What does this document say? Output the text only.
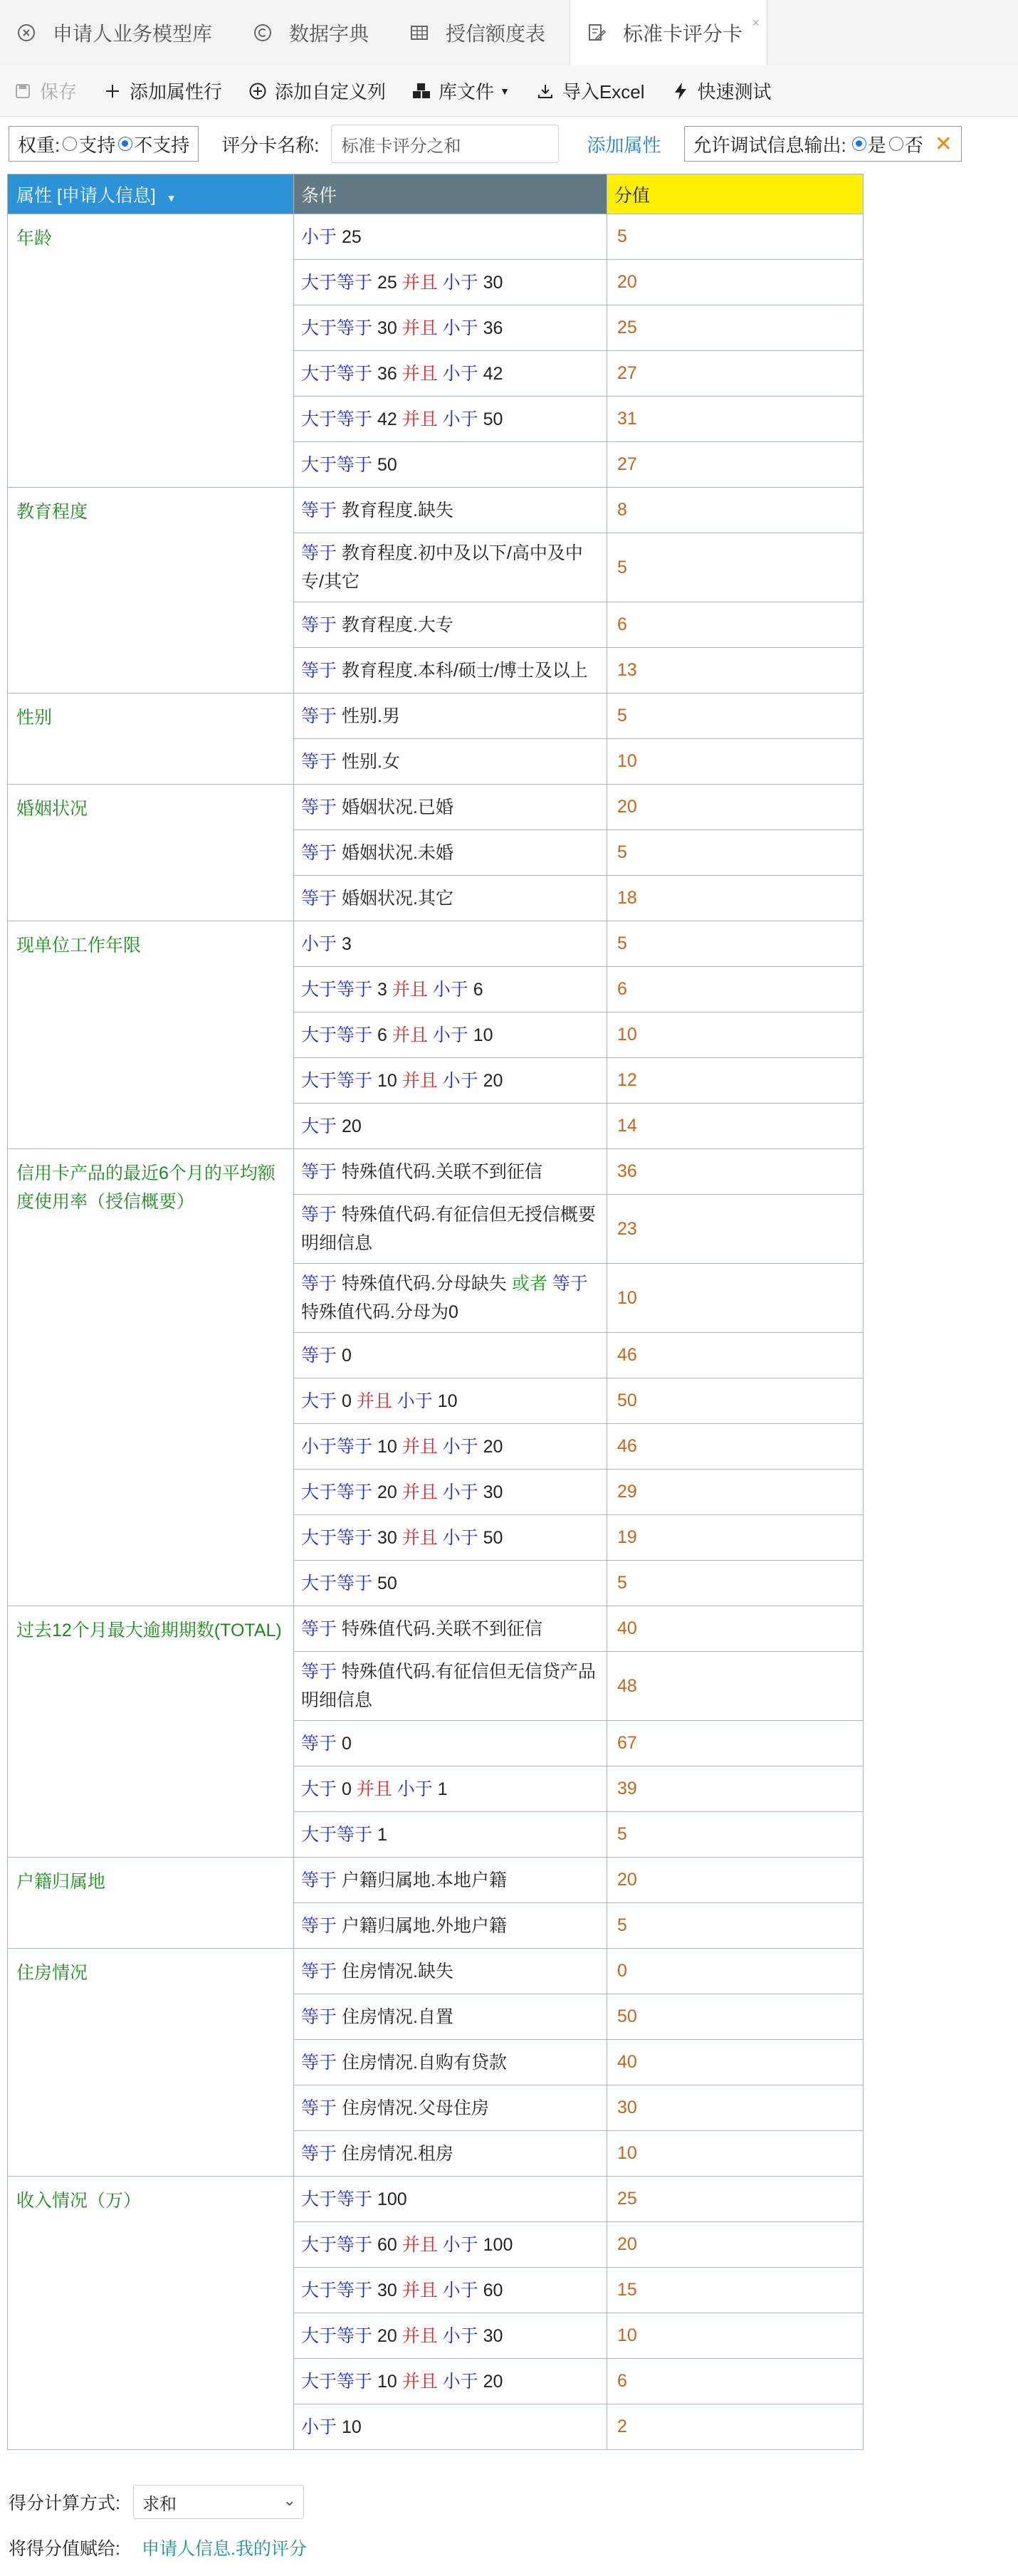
申请人业务模型库	数据字典	授信额度表	标准卡评分卡 ×
保存	添加属性行	添加自定义列	库文件 ▼	导入Excel	快速测试
权重: 支持 不支持 评分卡名称:
标准卡评分之和	添加属性 允许调试信息输出: 是 否 ✕
属性 [申请人信息] ▼	条件	分值
年龄	小于 25	5
	大于等于 25 并且 小于 30	20
	大于等于 30 并且 小于 36	25
	大于等于 36 并且 小于 42	27
	大于等于 42 并且 小于 50	31
	大于等于 50	27
教育程度	等于 教育程度.缺失	8
	等于 教育程度.初中及以下/高中及中专/其它	5
	等于 教育程度.大专	6
	等于 教育程度.本科/硕士/博士及以上	13
性别	等于 性别.男	5
	等于 性别.女	10
婚姻状况	等于 婚姻状况.已婚	20
	等于 婚姻状况.未婚	5
	等于 婚姻状况.其它	18
现单位工作年限	小于 3	5
	大于等于 3 并且 小于 6	6
	大于等于 6 并且 小于 10	10
	大于等于 10 并且 小于 20	12
	大于 20	14
信用卡产品的最近6个月的平均额度使用率（授信概要）	等于 特殊值代码.关联不到征信	36
	等于 特殊值代码.有征信但无授信概要明细信息	23
	等于 特殊值代码.分母缺失 或者 等于 特殊值代码.分母为0	10
	等于 0	46
	大于 0 并且 小于 10	50
	小于等于 10 并且 小于 20	46
	大于等于 20 并且 小于 30	29
	大于等于 30 并且 小于 50	19
	大于等于 50	5
过去12个月最大逾期期数(TOTAL)	等于 特殊值代码.关联不到征信	40
	等于 特殊值代码.有征信但无信贷产品明细信息	48
	等于 0	67
	大于 0 并且 小于 1	39
	大于等于 1	5
户籍归属地	等于 户籍归属地.本地户籍	20
	等于 户籍归属地.外地户籍	5
住房情况	等于 住房情况.缺失	0
	等于 住房情况.自置	50
	等于 住房情况.自购有贷款	40
	等于 住房情况.父母住房	30
	等于 住房情况.租房	10
收入情况（万）	大于等于 100	25
	大于等于 60 并且 小于 100	20
	大于等于 30 并且 小于 60	15
	大于等于 20 并且 小于 30	10
	大于等于 10 并且 小于 20	6
	小于 10	2
得分计算方式: 求和	⌄
将得分值赋给: 申请人信息.我的评分
